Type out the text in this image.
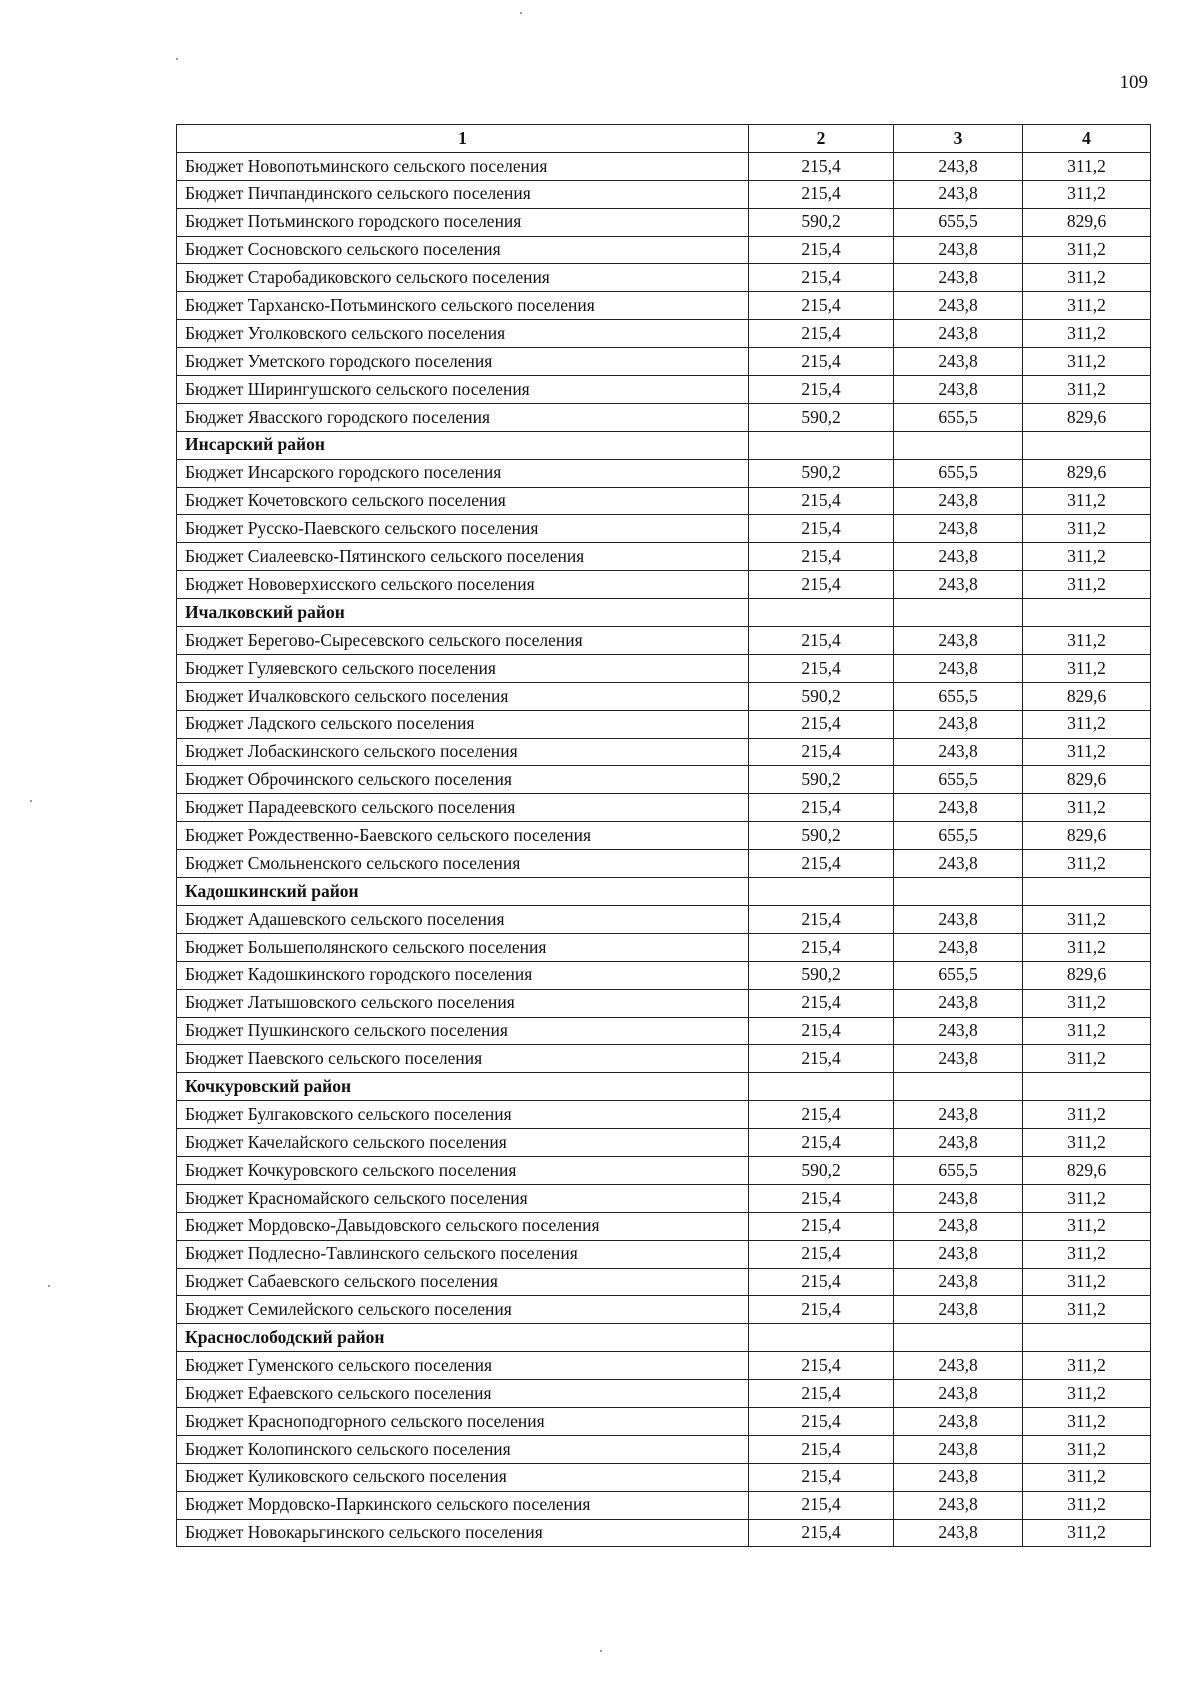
109
1	2	3	4
Бюджет Новопотьминского сельского поселения	215,4	243,8	311,2
Бюджет Пичпандинского сельского поселения	215,4	243,8	311,2
Бюджет Потьминского городского поселения	590,2	655,5	829,6
Бюджет Сосновского сельского поселения	215,4	243,8	311,2
Бюджет Старобадиковского сельского поселения	215,4	243,8	311,2
Бюджет Тарханско-Потьминского сельского поселения	215,4	243,8	311,2
Бюджет Уголковского сельского поселения	215,4	243,8	311,2
Бюджет Уметского городского поселения	215,4	243,8	311,2
Бюджет Ширингушского сельского поселения	215,4	243,8	311,2
Бюджет Явасского городского поселения	590,2	655,5	829,6
Инсарский район			
Бюджет Инсарского городского поселения	590,2	655,5	829,6
Бюджет Кочетовского сельского поселения	215,4	243,8	311,2
Бюджет Русско-Паевского сельского поселения	215,4	243,8	311,2
Бюджет Сиалеевско-Пятинского сельского поселения	215,4	243,8	311,2
Бюджет Нововерхисского сельского поселения	215,4	243,8	311,2
Ичалковский район			
Бюджет Берегово-Сыресевского сельского поселения	215,4	243,8	311,2
Бюджет Гуляевского сельского поселения	215,4	243,8	311,2
Бюджет Ичалковского сельского поселения	590,2	655,5	829,6
Бюджет Ладского сельского поселения	215,4	243,8	311,2
Бюджет Лобаскинского сельского поселения	215,4	243,8	311,2
Бюджет Оброчинского сельского поселения	590,2	655,5	829,6
Бюджет Парадеевского сельского поселения	215,4	243,8	311,2
Бюджет Рождественно-Баевского сельского поселения	590,2	655,5	829,6
Бюджет Смольненского сельского поселения	215,4	243,8	311,2
Кадошкинский район			
Бюджет Адашевского сельского поселения	215,4	243,8	311,2
Бюджет Большеполянского сельского поселения	215,4	243,8	311,2
Бюджет Кадошкинского городского поселения	590,2	655,5	829,6
Бюджет Латышовского сельского поселения	215,4	243,8	311,2
Бюджет Пушкинского сельского поселения	215,4	243,8	311,2
Бюджет Паевского сельского поселения	215,4	243,8	311,2
Кочкуровский район			
Бюджет Булгаковского сельского поселения	215,4	243,8	311,2
Бюджет Качелайского сельского поселения	215,4	243,8	311,2
Бюджет Кочкуровского сельского поселения	590,2	655,5	829,6
Бюджет Красномайского сельского поселения	215,4	243,8	311,2
Бюджет Мордовско-Давыдовского сельского поселения	215,4	243,8	311,2
Бюджет Подлесно-Тавлинского сельского поселения	215,4	243,8	311,2
Бюджет Сабаевского сельского поселения	215,4	243,8	311,2
Бюджет Семилейского сельского поселения	215,4	243,8	311,2
Краснослободский район			
Бюджет Гуменского сельского поселения	215,4	243,8	311,2
Бюджет Ефаевского сельского поселения	215,4	243,8	311,2
Бюджет Красноподгорного сельского поселения	215,4	243,8	311,2
Бюджет Колопинского сельского поселения	215,4	243,8	311,2
Бюджет Куликовского сельского поселения	215,4	243,8	311,2
Бюджет Мордовско-Паркинского сельского поселения	215,4	243,8	311,2
Бюджет Новокарьгинского сельского поселения	215,4	243,8	311,2
